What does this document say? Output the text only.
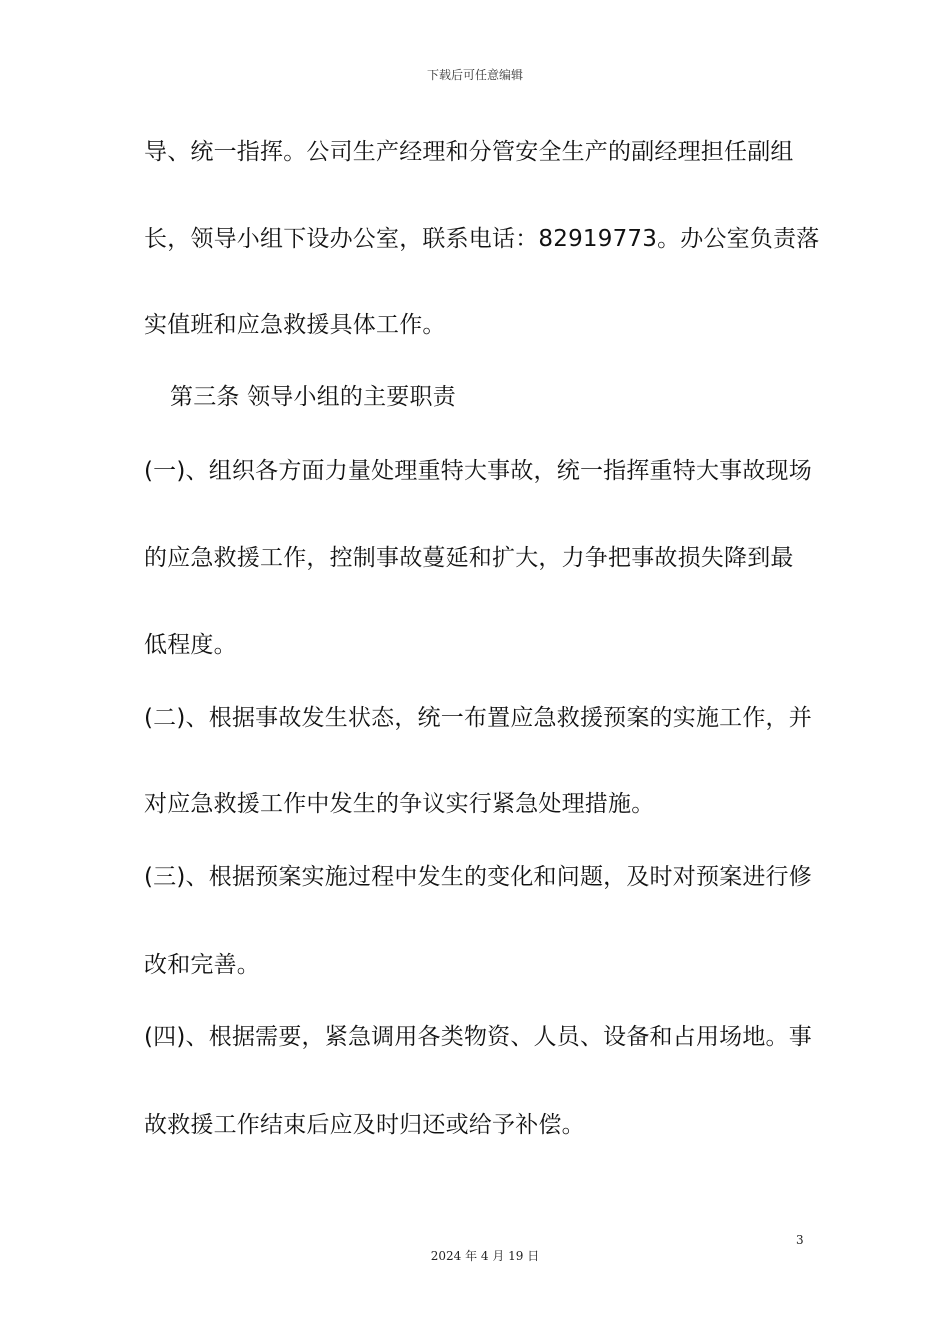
下载后可任意编辑
导、统一指挥。公司生产经理和分管安全生产的副经理担任副组
长，领导小组下设办公室，联系电话：82919773。办公室负责落
实值班和应急救援具体工作。
第三条 领导小组的主要职责
(一)、组织各方面力量处理重特大事故，统一指挥重特大事故现场
的应急救援工作，控制事故蔓延和扩大，力争把事故损失降到最
低程度。
(二)、根据事故发生状态，统一布置应急救援预案的实施工作，并
对应急救援工作中发生的争议实行紧急处理措施。
(三)、根据预案实施过程中发生的变化和问题，及时对预案进行修
改和完善。
(四)、根据需要，紧急调用各类物资、人员、设备和占用场地。事
故救援工作结束后应及时归还或给予补偿。
3
2024 年 4 月 19 日
